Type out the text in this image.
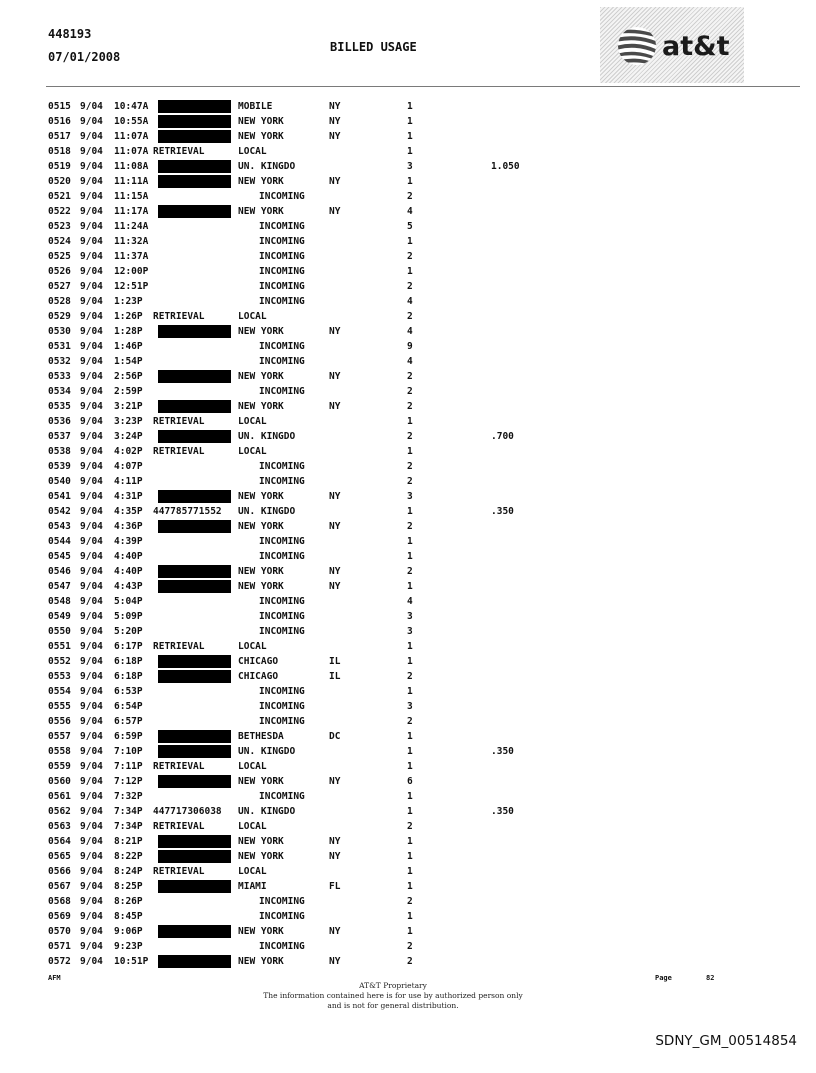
448193
07/01/2008
BILLED USAGE	at&t
0515 9/04 10:47A	MOBILE	NY	1
0516 9/04 10:55A	NEW YORK	NY	1
0517 9/04 11:07A	NEW YORK	NY	1
0518 9/04 11:07A RETRIEVAL	LOCAL	1
0519 9/04 11:08A	UN. KINGDO	3	1.050
0520 9/04 11:11A	NEW YORK	NY	1
0521 9/04 11:15A	INCOMING	2
0522 9/04 11:17A	NEW YORK	NY	4
0523 9/04 11:24A	INCOMING	5
0524 9/04 11:32A	INCOMING	1
0525 9/04 11:37A	INCOMING	2
0526 9/04 12:00P	INCOMING	1
0527 9/04 12:51P	INCOMING	2
0528 9/04 1:23P	INCOMING	4
0529 9/04 1:26P RETRIEVAL	LOCAL	2
0530 9/04 1:28P	NEW YORK	NY	4
0531 9/04 1:46P	INCOMING	9
0532 9/04 1:54P	INCOMING	4
0533 9/04 2:56P	NEW YORK	NY	2
0534 9/04 2:59P	INCOMING	2
0535 9/04 3:21P	NEW YORK	NY	2
0536 9/04 3:23P RETRIEVAL	LOCAL	1
0537 9/04 3:24P	UN. KINGDO	2	.700
0538 9/04 4:02P RETRIEVAL	LOCAL	1
0539 9/04 4:07P	INCOMING	2
0540 9/04 4:11P	INCOMING	2
0541 9/04 4:31P	NEW YORK	NY	3
0542 9/04 4:35P 447785771552 UN. KINGDO	1	.350
0543 9/04 4:36P	NEW YORK	NY	2
0544 9/04 4:39P	INCOMING	1
0545 9/04 4:40P	INCOMING	1
0546 9/04 4:40P	NEW YORK	NY	2
0547 9/04 4:43P	NEW YORK	NY	1
0548 9/04 5:04P	INCOMING	4
0549 9/04 5:09P	INCOMING	3
0550 9/04 5:20P	INCOMING	3
0551 9/04 6:17P RETRIEVAL	LOCAL	1
0552 9/04 6:18P	CHICAGO	IL	1
0553 9/04 6:18P	CHICAGO	IL	2
0554 9/04 6:53P	INCOMING	1
0555 9/04 6:54P	INCOMING	3
0556 9/04 6:57P	INCOMING	2
0557 9/04 6:59P	BETHESDA	DC	1
0558 9/04 7:10P	UN. KINGDO	1	.350
0559 9/04 7:11P RETRIEVAL	LOCAL	1
0560 9/04 7:12P	NEW YORK	NY	6
0561 9/04 7:32P	INCOMING	1
0562 9/04 7:34P 447717306038 UN. KINGDO	1	.350
0563 9/04 7:34P RETRIEVAL	LOCAL	2
0564 9/04 8:21P	NEW YORK	NY	1
0565 9/04 8:22P	NEW YORK	NY	1
0566 9/04 8:24P RETRIEVAL	LOCAL	1
0567 9/04 8:25P	MIAMI	FL	1
0568 9/04 8:26P	INCOMING	2
0569 9/04 8:45P	INCOMING	1
0570 9/04 9:06P	NEW YORK	NY	1
0571 9/04 9:23P	INCOMING	2
0572 9/04 10:51P	NEW YORK	NY	2
AFM
AT&T Proprietary
The information contained here is for use by authorized person only
and is not for general distribution.
Page	82
SDNY_GM_00514854
